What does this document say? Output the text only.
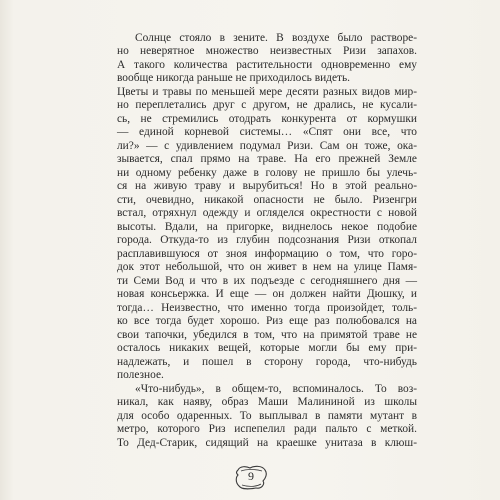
Солнце стояло в зените. В воздухе было растворе-
но неверятное множество неизвестных Ризи запахов.
А такого количества растительности одновременно ему
вообще никогда раньше не приходилось видеть.
Цветы и травы по меньшей мере десяти разных видов мир-
но переплетались друг с другом, не дрались, не кусали-
сь, не стремились отодрать конкурента от кормушки
— единой корневой системы… «Спят они все, что
ли?» — с удивлением подумал Ризи. Сам он тоже, ока-
зывается, спал прямо на траве. На его прежней Земле
ни одному ребенку даже в голову не пришло бы улечь-
ся на живую траву и вырубиться! Но в этой реально-
сти, очевидно, никакой опасности не было. Ризенгри
встал, отряхнул одежду и огляделся окрестности с новой
высоты. Вдали, на пригорке, виднелось некое подобие
города. Откуда-то из глубин подсознания Ризи откопал
расплавившуюся от зноя информацию о том, что горо-
док этот небольшой, что он живет в нем на улице Памя-
ти Семи Вод и что в их подъезде с сегодняшнего дня —
новая консьержка. И еще — он должен найти Дюшку, и
тогда… Неизвестно, что именно тогда произойдет, толь-
ко все тогда будет хорошо. Риз еще раз полюбовался на
свои тапочки, убедился в том, что на примятой траве не
осталось никаких вещей, которые могли бы ему при-
надлежать, и пошел в сторону города, что-нибудь
полезное.
«Что-нибудь», в общем-то, вспоминалось. То воз-
никал, как наяву, образ Маши Малининой из школы
для особо одаренных. То выплывал в памяти мутант в
метро, которого Риз испепелил ради пальто с меткой.
То Дед-Старик, сидящий на краешке унитаза в клюш-
9
